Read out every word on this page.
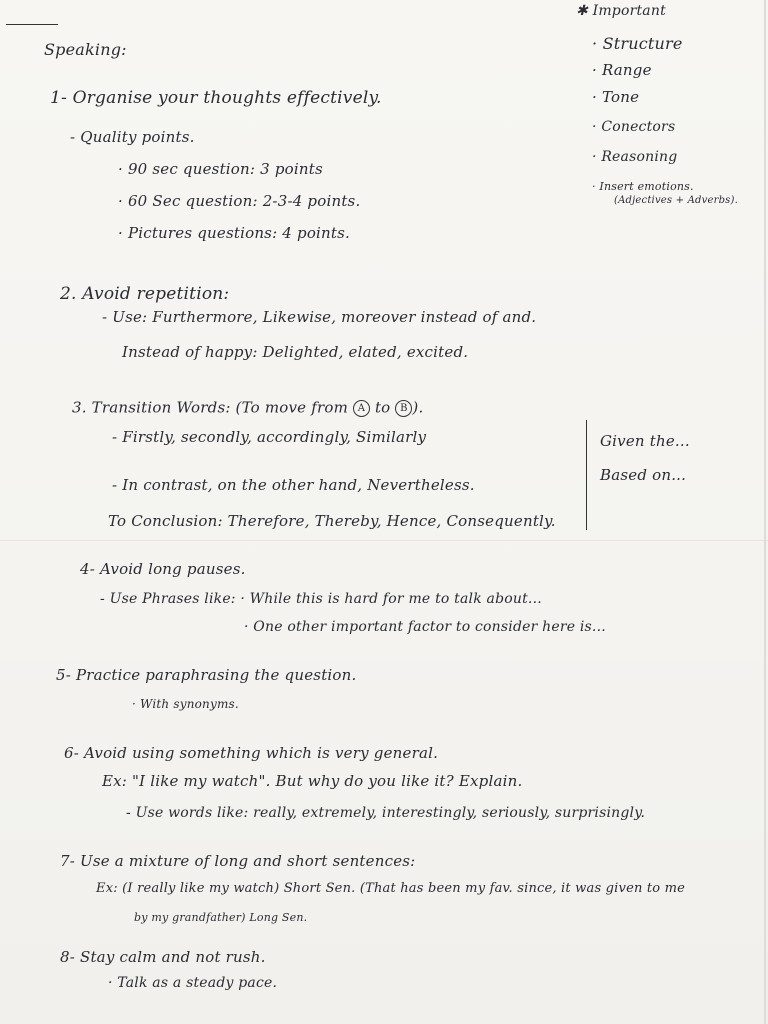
✱ Important
· Structure
· Range
· Tone
· Conectors
· Reasoning
· Insert emotions.
(Adjectives + Adverbs).
Speaking:
1- Organise your thoughts effectively.
- Quality points.
· 90 sec question: 3 points
· 60 Sec question: 2-3-4 points.
· Pictures questions: 4 points.
2. Avoid repetition:
- Use: Furthermore, Likewise, moreover instead of and.
Instead of happy: Delighted, elated, excited.
3. Transition Words: (To move from A to B ).
- Firstly, secondly, accordingly, Similarly
- In contrast, on the other hand, Nevertheless.
To Conclusion: Therefore, Thereby, Hence, Consequently.
Given the...
Based on...
4- Avoid long pauses.
- Use Phrases like: · While this is hard for me to talk about...
· One other important factor to consider here is...
5- Practice paraphrasing the question.
· With synonyms.
6- Avoid using something which is very general.
Ex: "I like my watch". But why do you like it? Explain.
- Use words like: really, extremely, interestingly, seriously, surprisingly.
7- Use a mixture of long and short sentences:
Ex: (I really like my watch) Short Sen. (That has been my fav. since, it was given to me
by my grandfather) Long Sen.
8- Stay calm and not rush.
· Talk as a steady pace.
